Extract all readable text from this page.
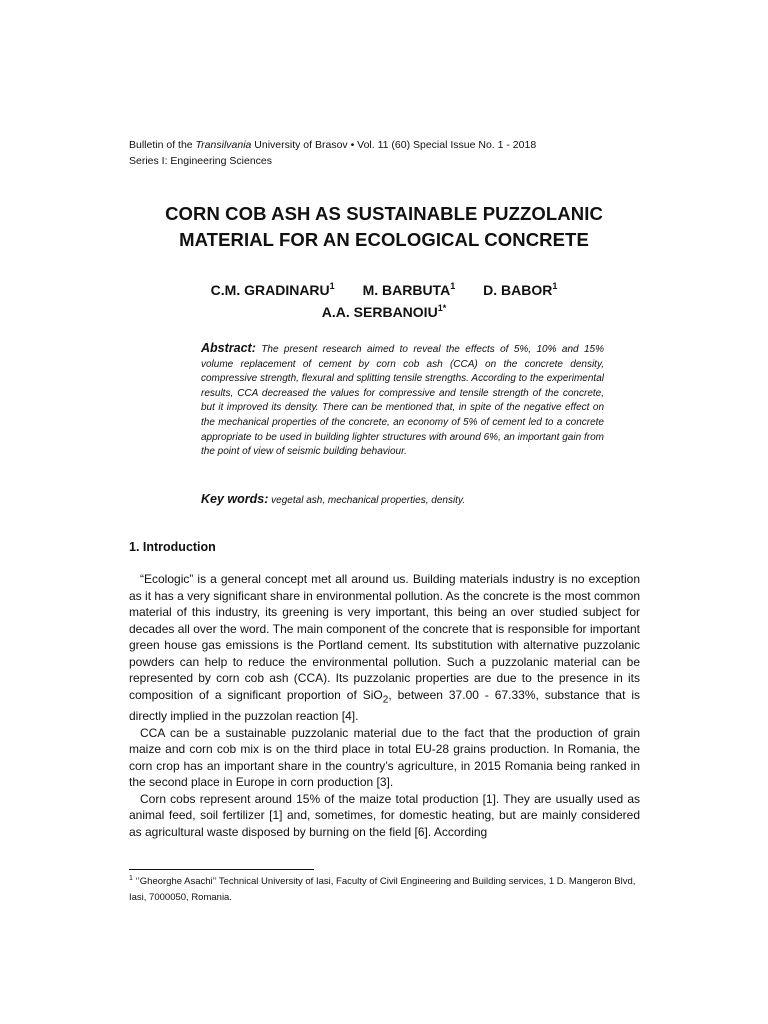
Bulletin of the Transilvania University of Brasov • Vol. 11 (60) Special Issue No. 1 - 2018
Series I: Engineering Sciences
CORN COB ASH AS SUSTAINABLE PUZZOLANIC
MATERIAL FOR AN ECOLOGICAL CONCRETE
C.M. GRADINARU$^1$ M. BARBUTA$^1$ D. BABOR$^1$
A.A. $SERBANOIU^{1*}$
Abstract: The present research aimed to reveal the effects of 5%, 10% and 15% volume replacement of cement by corn cob ash (CCA) on the concrete density, compressive strength, flexural and splitting tensile strengths. According to the experimental results, CCA decreased the values for compressive and tensile strength of the concrete, but it improved its density. There can be mentioned that, in spite of the negative effect on the mechanical properties of the concrete, an economy of 5% of cement led to a concrete appropriate to be used in building lighter structures with around 6%, an important gain from the point of view of seismic building behaviour.
Key words: vegetal ash, mechanical properties, density.
1. Introduction

“Ecologic” is a general concept met all around us. Building materials industry is no exception as it has a very significant share in environmental pollution. As the concrete is the most common material of this industry, its greening is very important, this being an over studied subject for decades all over the word. The main component of the concrete that is responsible for important green house gas emissions is the Portland cement. Its substitution with alternative puzzolanic powders can help to reduce the environmental pollution. Such a puzzolanic material can be represented by corn cob ash (CCA). Its puzzolanic properties are due to the presence in its composition of a significant proportion of SiO$_2$, between 37.00 - 67.33%, substance that is directly implied in the puzzolan reaction [4].

CCA can be a sustainable puzzolanic material due to the fact that the production of grain maize and corn cob mix is on the third place in total EU-28 grains production. In Romania, the corn crop has an important share in the country’s agriculture, in 2015 Romania being ranked in the second place in Europe in corn production [3].

Corn cobs represent around 15% of the maize total production [1]. They are usually used as animal feed, soil fertilizer [1] and, sometimes, for domestic heating, but are mainly considered as agricultural waste disposed by burning on the field [6]. According

$^1$ ‘’Gheorghe Asachi’’ Technical University of Iasi, Faculty of Civil Engineering and Building services, 1 D. Mangeron Blvd, Iasi, 7000050, Romania.
